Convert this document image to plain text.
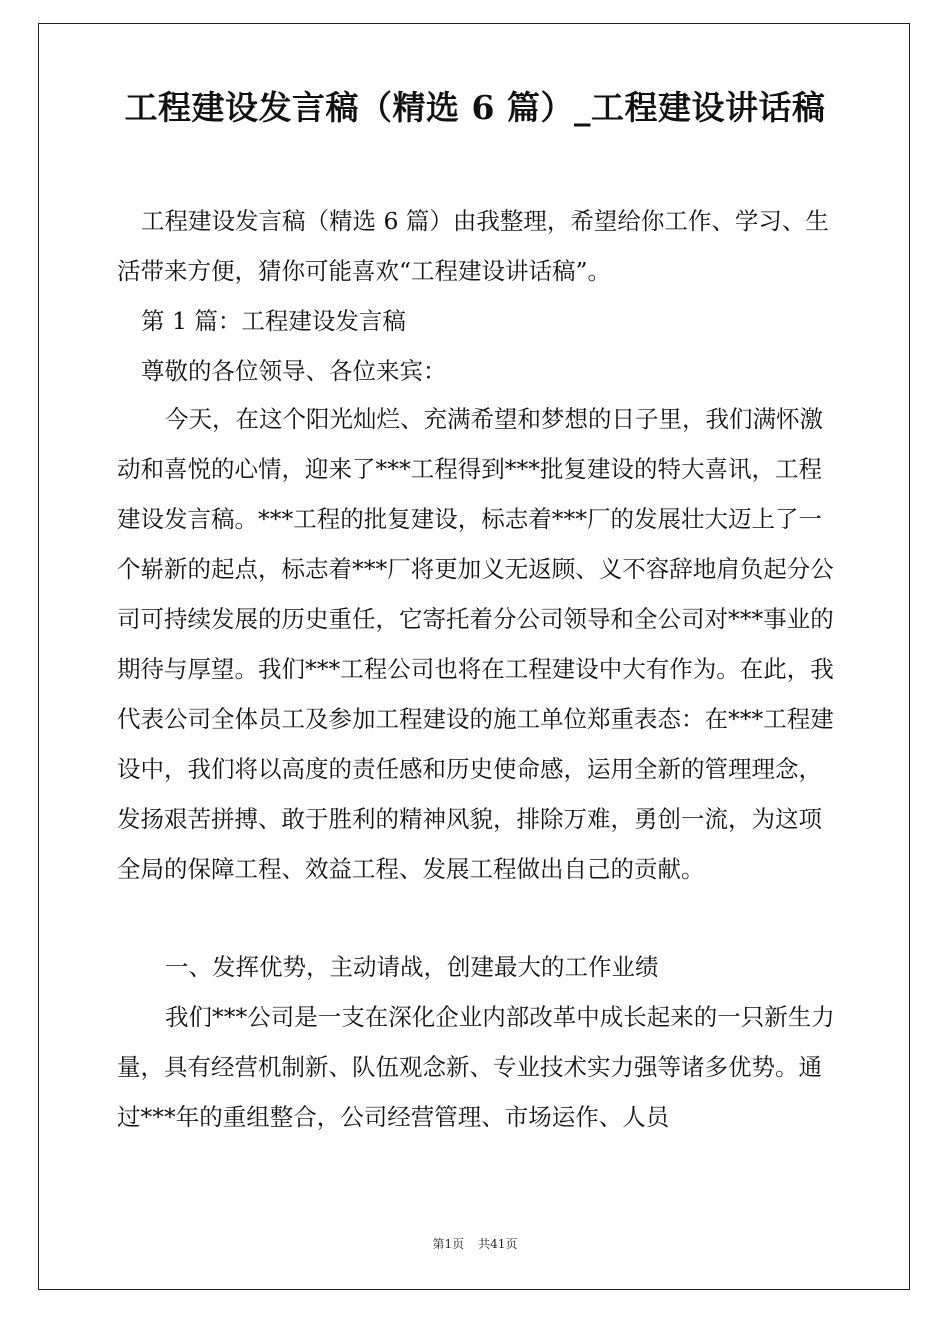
工程建设发言稿（精选 6 篇）_工程建设讲话稿

工程建设发言稿（精选 6 篇）由我整理，希望给你工作、学习、生活带来方便，猜你可能喜欢“工程建设讲话稿”。

第 1 篇：工程建设发言稿

尊敬的各位领导、各位来宾：

今天，在这个阳光灿烂、充满希望和梦想的日子里，我们满怀激动和喜悦的心情，迎来了***工程得到***批复建设的特大喜讯，工程建设发言稿。***工程的批复建设，标志着***厂的发展壮大迈上了一个崭新的起点，标志着***厂将更加义无返顾、义不容辞地肩负起分公司可持续发展的历史重任，它寄托着分公司领导和全公司对***事业的期待与厚望。我们***工程公司也将在工程建设中大有作为。在此，我代表公司全体员工及参加工程建设的施工单位郑重表态：在***工程建设中，我们将以高度的责任感和历史使命感，运用全新的管理理念，发扬艰苦拼搏、敢于胜利的精神风貌，排除万难，勇创一流，为这项全局的保障工程、效益工程、发展工程做出自己的贡献。

一、发挥优势，主动请战，创建最大的工作业绩

我们***公司是一支在深化企业内部改革中成长起来的一只新生力量，具有经营机制新、队伍观念新、专业技术实力强等诸多优势。通过***年的重组整合，公司经营管理、市场运作、人员

第1页 共41页
